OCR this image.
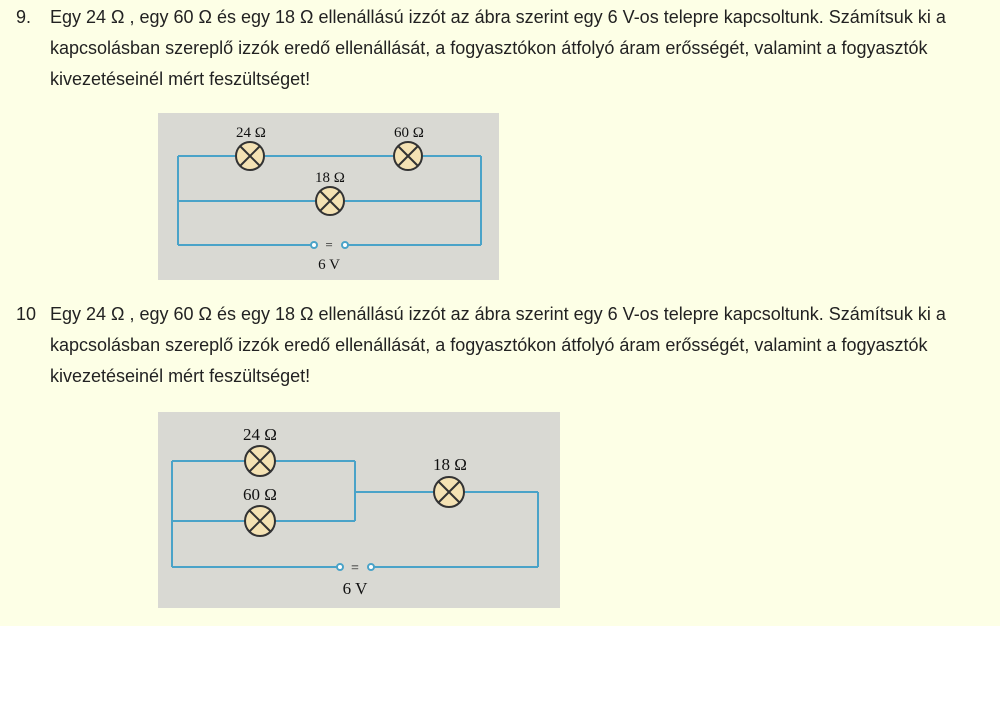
9. Egy 24 Ω , egy 60 Ω és egy 18 Ω ellenállású izzót az ábra szerint egy 6 V-os telepre kapcsoltunk. Számítsuk ki a kapcsolásban szereplő izzók eredő ellenállását, a fogyasztókon átfolyó áram erősségét, valamint a fogyasztók kivezetéseinél mért feszültséget!

=
24 Ω	60 Ω
18 Ω
6 V
10 Egy 24 Ω , egy 60 Ω és egy 18 Ω ellenállású izzót az ábra szerint egy 6 V-os telepre kapcsoltunk. Számítsuk ki a kapcsolásban szereplő izzók eredő ellenállását, a fogyasztókon átfolyó áram erősségét, valamint a fogyasztók kivezetéseinél mért feszültséget!

=
24 Ω
60 Ω
18 Ω
6 V
